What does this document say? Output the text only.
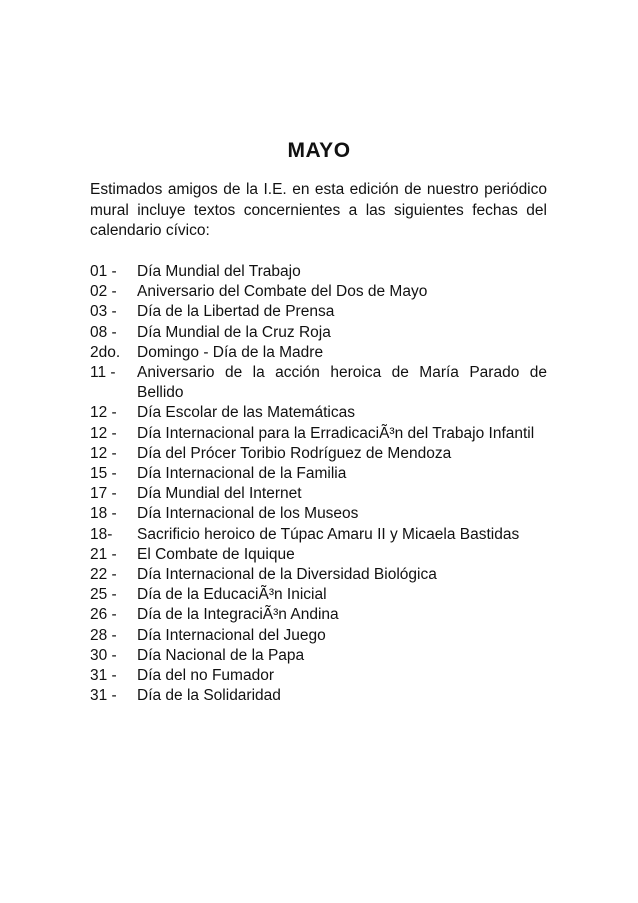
MAYO
Estimados amigos de la I.E. en esta edición de nuestro periódico mural incluye textos concernientes a las siguientes fechas del calendario cívico:
01 -	Día Mundial del Trabajo
02 -	Aniversario del Combate del Dos de Mayo
03 -	Día de la Libertad de Prensa
08 -	Día Mundial de la Cruz Roja
2do.	Domingo - Día de la Madre
11 -	Aniversario de la acción heroica de María Parado de Bellido
12 -	Día Escolar de las Matemáticas
12 -	Día Internacional para la ErradicaciÃ³n del Trabajo Infantil
12 -	Día del Prócer Toribio Rodríguez de Mendoza
15 -	Día Internacional de la Familia
17 -	Día Mundial del Internet
18 -	Día Internacional de los Museos
18-	Sacrificio heroico de Túpac Amaru II y Micaela Bastidas
21 -	El Combate de Iquique
22 -	Día Internacional de la Diversidad Biológica
25 -	Día de la EducaciÃ³n Inicial
26 -	Día de la IntegraciÃ³n Andina
28 -	Día Internacional del Juego
30 -	Día Nacional de la Papa
31 -	Día del no Fumador
31 -	Día de la Solidaridad
